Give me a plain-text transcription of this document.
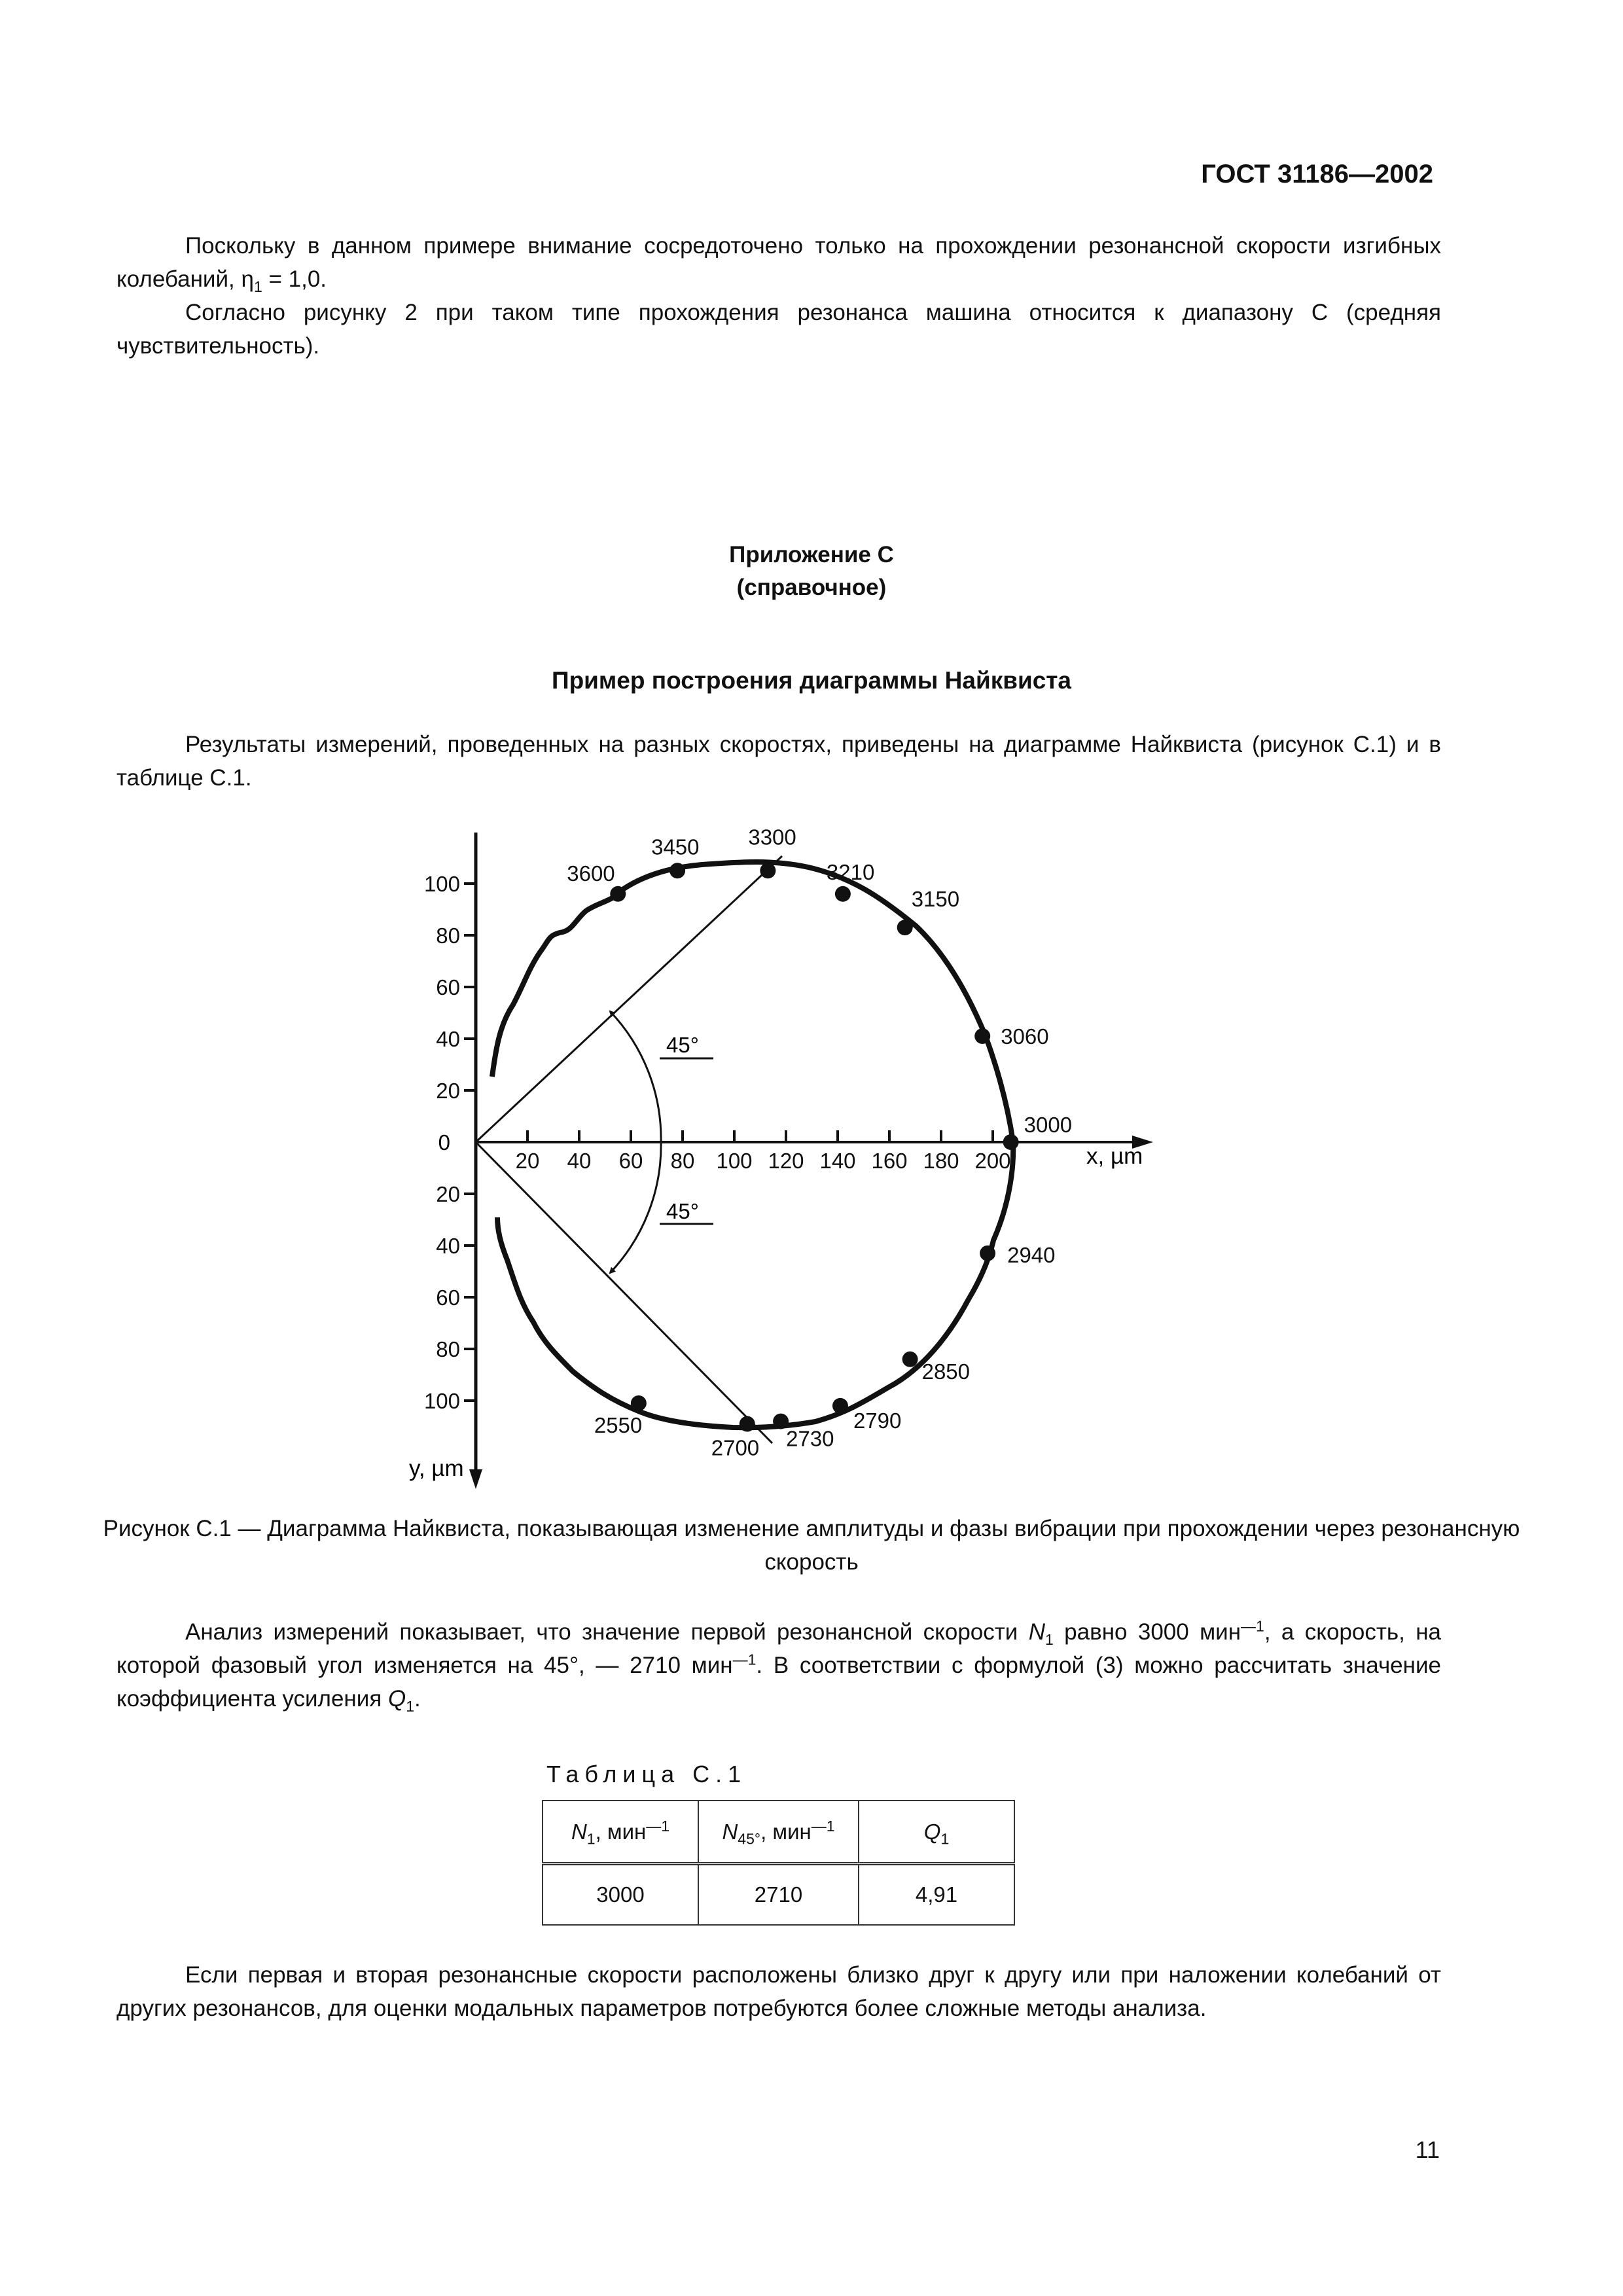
ГОСТ 31186—2002

Поскольку в данном примере внимание сосредоточено только на прохождении резонансной скорости изгибных колебаний, $\eta_1 = 1,0$.

Согласно рисунку 2 при таком типе прохождения резонанса машина относится к диапазону С (средняя чувствительность).

Приложение С
(справочное)
Пример построения диаграммы Найквиста

Результаты измерений, проведенных на разных скоростях, приведены на диаграмме Найквиста (рисунок С.1) и в таблице С.1.

20 40 60 80 100 120 140 160 180 200
20
40
60
80
100
20
40
60
80
100
0
x, µm
y, µm
45°
45°
3600
3450 3300
3210
3150
3060
3000
2940
2850
2790
2730
2700
2550
Рисунок С.1 — Диаграмма Найквиста, показывающая изменение амплитуды и фазы вибрации при прохождении через резонансную скорость

Анализ измерений показывает, что значение первой резонансной скорости $N_1$ равно 3000 мин$^{—1}$, а скорость, на которой фазовый угол изменяется на 45°, — 2710 мин$^{—1}$. В соответствии с формулой (3) можно рассчитать значение коэффициента усиления $Q_1$.

Таблица С.1
$N_1$, мин$^{—1}$	$N_{45^\circ}$, мин$^{—1}$	$Q_1$
3000	2710	4,91

Если первая и вторая резонансные скорости расположены близко друг к другу или при наложении колебаний от других резонансов, для оценки модальных параметров потребуются более сложные методы анализа.

11
